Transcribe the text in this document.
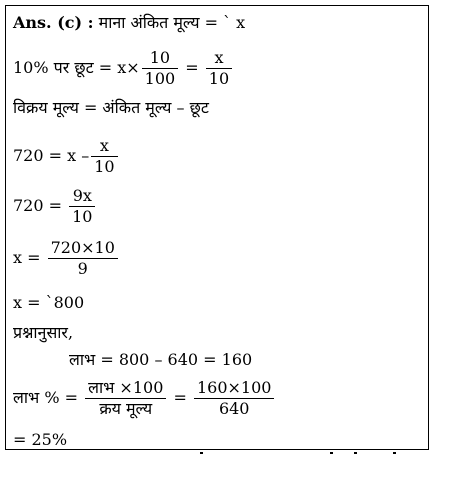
Ans. (c) : माना अंकित मूल्य = ` x
10% पर छूट = $x\times \frac{10}{100} = \frac{x}{10}$
विक्रय मूल्य = अंकित मूल्य – छूट
$720 = x - \frac{x}{10}$
$720 = \frac{9x}{10}$
$x = \frac{720\times 10}{9}$
x = `800
प्रश्नानुसार,
लाभ = 800 – 640 = 160
लाभ % = $\frac{\text{लाभ ×100}}{\text{क्रय मूल्य}} = \frac{160\times 100}{640}$
= 25%
